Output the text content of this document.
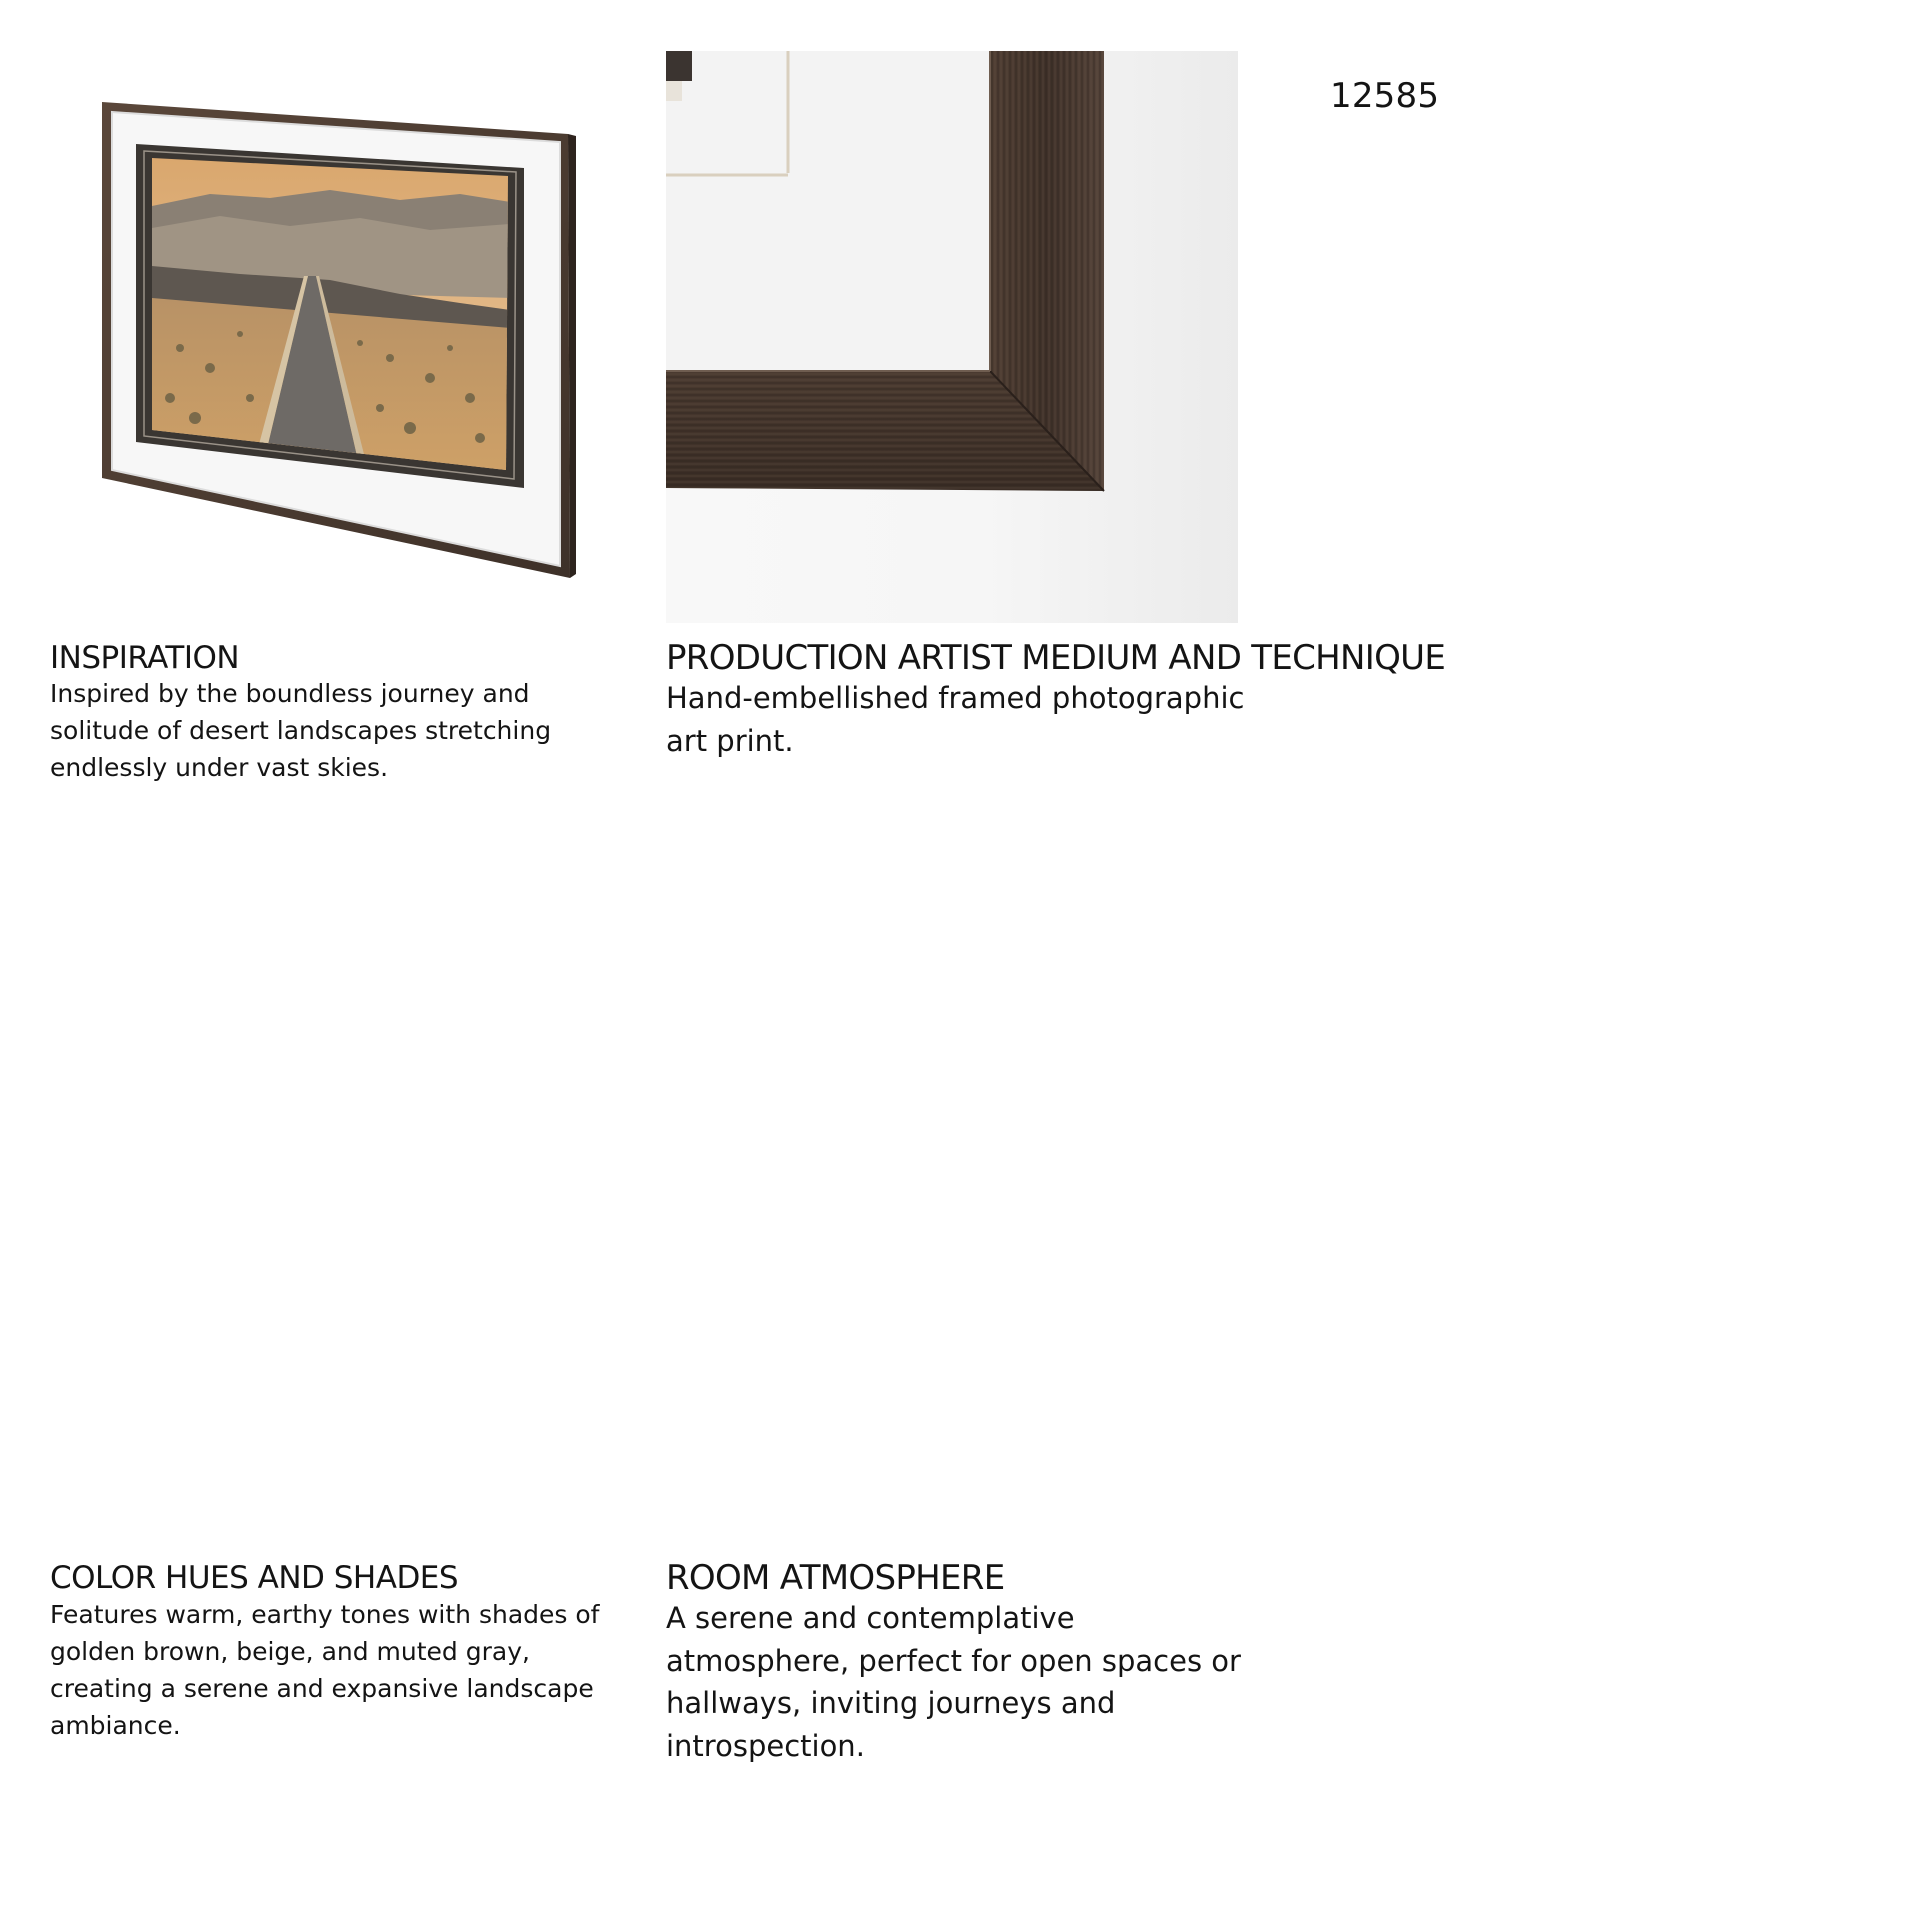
12585
INSPIRATION
Inspired by the boundless journey and solitude of desert landscapes stretching endlessly under vast skies.
PRODUCTION ARTIST MEDIUM AND TECHNIQUE
Hand-embellished framed photographic art print.
COLOR HUES AND SHADES
Features warm, earthy tones with shades of golden brown, beige, and muted gray, creating a serene and expansive landscape ambiance.
ROOM ATMOSPHERE
A serene and contemplative atmosphere, perfect for open spaces or hallways, inviting journeys and introspection.
